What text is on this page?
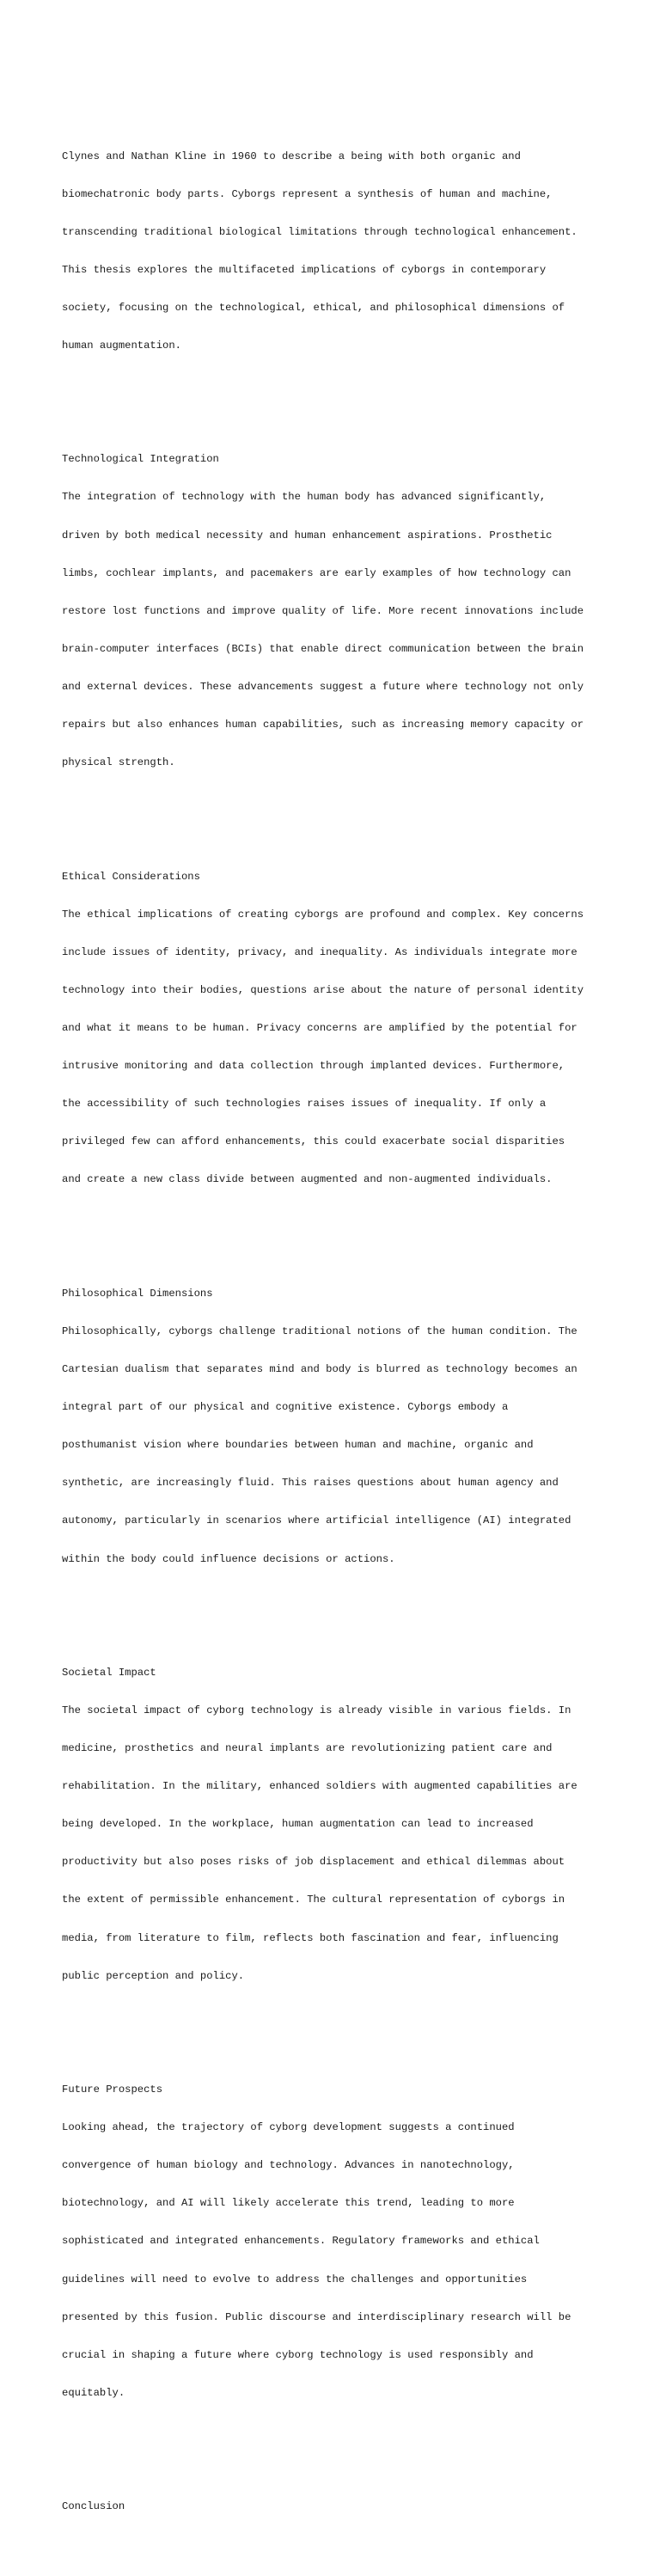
Clynes and Nathan Kline in 1960 to describe a being with both organic and

biomechatronic body parts. Cyborgs represent a synthesis of human and machine,

transcending traditional biological limitations through technological enhancement.

This thesis explores the multifaceted implications of cyborgs in contemporary

society, focusing on the technological, ethical, and philosophical dimensions of

human augmentation.

Technological Integration

The integration of technology with the human body has advanced significantly,

driven by both medical necessity and human enhancement aspirations. Prosthetic

limbs, cochlear implants, and pacemakers are early examples of how technology can

restore lost functions and improve quality of life. More recent innovations include

brain-computer interfaces (BCIs) that enable direct communication between the brain

and external devices. These advancements suggest a future where technology not only

repairs but also enhances human capabilities, such as increasing memory capacity or

physical strength.

Ethical Considerations

The ethical implications of creating cyborgs are profound and complex. Key concerns

include issues of identity, privacy, and inequality. As individuals integrate more

technology into their bodies, questions arise about the nature of personal identity

and what it means to be human. Privacy concerns are amplified by the potential for

intrusive monitoring and data collection through implanted devices. Furthermore,

the accessibility of such technologies raises issues of inequality. If only a

privileged few can afford enhancements, this could exacerbate social disparities

and create a new class divide between augmented and non-augmented individuals.

Philosophical Dimensions

Philosophically, cyborgs challenge traditional notions of the human condition. The

Cartesian dualism that separates mind and body is blurred as technology becomes an

integral part of our physical and cognitive existence. Cyborgs embody a

posthumanist vision where boundaries between human and machine, organic and

synthetic, are increasingly fluid. This raises questions about human agency and

autonomy, particularly in scenarios where artificial intelligence (AI) integrated

within the body could influence decisions or actions.

Societal Impact

The societal impact of cyborg technology is already visible in various fields. In

medicine, prosthetics and neural implants are revolutionizing patient care and

rehabilitation. In the military, enhanced soldiers with augmented capabilities are

being developed. In the workplace, human augmentation can lead to increased

productivity but also poses risks of job displacement and ethical dilemmas about

the extent of permissible enhancement. The cultural representation of cyborgs in

media, from literature to film, reflects both fascination and fear, influencing

public perception and policy.

Future Prospects

Looking ahead, the trajectory of cyborg development suggests a continued

convergence of human biology and technology. Advances in nanotechnology,

biotechnology, and AI will likely accelerate this trend, leading to more

sophisticated and integrated enhancements. Regulatory frameworks and ethical

guidelines will need to evolve to address the challenges and opportunities

presented by this fusion. Public discourse and interdisciplinary research will be

crucial in shaping a future where cyborg technology is used responsibly and

equitably.

Conclusion
